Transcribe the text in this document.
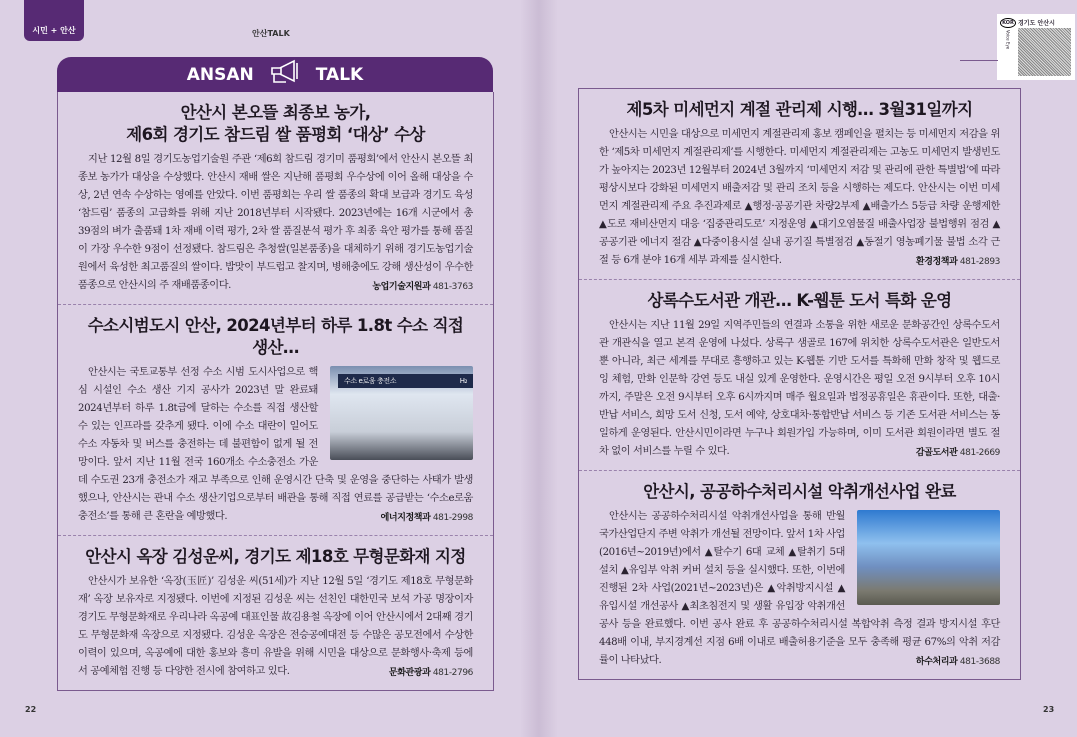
시민 + 안산	안산TALK
ANSAN	TALK
KOR
Voice Eye
경기도 안산시
안산시 본오뜰 최종보 농가,
제6회 경기도 참드림 쌀 품평회 ‘대상’ 수상

지난 12월 8일 경기도농업기술원 주관 ‘제6회 참드림 경기미 품평회’에서 안산시 본오뜰 최종보 농가가 대상을 수상했다. 안산시 재배 쌀은 지난해 품평회 우수상에 이어 올해 대상을 수상, 2년 연속 수상하는 영예를 안았다. 이번 품평회는 우리 쌀 품종의 확대 보급과 경기도 육성 ‘참드림’ 품종의 고급화를 위해 지난 2018년부터 시작됐다. 2023년에는 16개 시군에서 총 39점의 벼가 출품돼 1차 재배 이력 평가, 2차 쌀 품질분석 평가 후 최종 육안 평가를 통해 품질이 가장 우수한 9점이 선정됐다. 참드림은 추청쌀(일본품종)을 대체하기 위해 경기도농업기술원에서 육성한 최고품질의 쌀이다. 밥맛이 부드럽고 찰지며, 병해충에도 강해 생산성이 우수한 품종으로 안산시의 주 재배품종이다.	농업기술지원과 481-3763

수소시범도시 안산, 2024년부터 하루 1.8t 수소 직접 생산…
수소 e로움 충전소	H₂
안산시는 국토교통부 선정 수소 시범 도시사업으로 핵심 시설인 수소 생산 기지 공사가 2023년 말 완료돼 2024년부터 하루 1.8t급에 달하는 수소를 직접 생산할 수 있는 인프라를 갖추게 됐다. 이에 수소 대란이 일어도 수소 자동차 및 버스를 충전하는 데 불편함이 없게 될 전망이다. 앞서 지난 11월 전국 160개소 수소충전소 가운데 수도권 23개 충전소가 재고 부족으로 인해 운영시간 단축 및 운영을 중단하는 사태가 발생했으나, 안산시는 관내 수소 생산기업으로부터 배관을 통해 직접 연료를 공급받는 ‘수소e로움 충전소’를 통해 큰 혼란을 예방했다.	에너지정책과 481-2998
안산시 옥장 김성운씨, 경기도 제18호 무형문화재 지정

안산시가 보유한 ‘옥장(玉匠)’ 김성운 씨(51세)가 지난 12월 5일 ‘경기도 제18호 무형문화재’ 옥장 보유자로 지정됐다. 이번에 지정된 김성운 씨는 선친인 대한민국 보석 가공 명장이자 경기도 무형문화재로 우리나라 옥공예 대표인물 故김용철 옥장에 이어 안산시에서 2대째 경기도 무형문화재 옥장으로 지정됐다. 김성운 옥장은 전승공예대전 등 수많은 공모전에서 수상한 이력이 있으며, 옥공예에 대한 홍보와 흥미 유발을 위해 시민을 대상으로 문화행사·축제 등에서 공예체험 진행 등 다양한 전시에 참여하고 있다.	문화관광과 481-2796

제5차 미세먼지 계절 관리제 시행… 3월31일까지

안산시는 시민을 대상으로 미세먼지 계절관리제 홍보 캠페인을 펼치는 등 미세먼지 저감을 위한 ‘제5차 미세먼지 계절관리제’를 시행한다. 미세먼지 계절관리제는 고농도 미세먼지 발생빈도가 높아지는 2023년 12월부터 2024년 3월까지 ‘미세먼지 저감 및 관리에 관한 특별법’에 따라 평상시보다 강화된 미세먼지 배출저감 및 관리 조치 등을 시행하는 제도다. 안산시는 이번 미세먼지 계절관리제 주요 추진과제로 ▲행정·공공기관 차량2부제 ▲배출가스 5등급 차량 운행제한 ▲도로 재비산먼지 대응 ‘집중관리도로’ 지정운영 ▲대기오염물질 배출사업장 불법행위 점검 ▲공공기관 에너지 절감 ▲다중이용시설 실내 공기질 특별점검 ▲동절기 영농폐기물 불법 소각 근절 등 6개 분야 16개 세부 과제를 실시한다.	환경정책과 481-2893

상록수도서관 개관… K-웹툰 도서 특화 운영

안산시는 지난 11월 29일 지역주민들의 연결과 소통을 위한 새로운 문화공간인 상록수도서관 개관식을 열고 본격 운영에 나섰다. 상록구 샘골로 167에 위치한 상록수도서관은 일반도서뿐 아니라, 최근 세계를 무대로 흥행하고 있는 K-웹툰 기반 도서를 특화해 만화 창작 및 웹드로잉 체험, 만화 인문학 강연 등도 내실 있게 운영한다. 운영시간은 평일 오전 9시부터 오후 10시까지, 주말은 오전 9시부터 오후 6시까지며 매주 월요일과 법정공휴일은 휴관이다. 또한, 대출·반납 서비스, 희망 도서 신청, 도서 예약, 상호대차·통합반납 서비스 등 기존 도서관 서비스는 동일하게 운영된다. 안산시민이라면 누구나 회원가입 가능하며, 이미 도서관 회원이라면 별도 절차 없이 서비스를 누릴 수 있다.	감골도서관 481-2669

안산시, 공공하수처리시설 악취개선사업 완료
안산시는 공공하수처리시설 악취개선사업을 통해 반월국가산업단지 주변 악취가 개선될 전망이다. 앞서 1차 사업(2016년~2019년)에서 ▲탈수기 6대 교체 ▲탈취기 5대 설치 ▲유입부 악취 커버 설치 등을 실시했다. 또한, 이번에 진행된 2차 사업(2021년~2023년)은 ▲악취방지시설 ▲유입시설 개선공사 ▲최초침전지 및 생활 유입장 악취개선공사 등을 완료했다. 이번 공사 완료 후 공공하수처리시설 복합악취 측정 결과 방지시설 후단 448배 이내, 부지경계선 지점 6배 이내로 배출허용기준을 모두 충족해 평균 67%의 악취 저감률이 나타났다.	하수처리과 481-3688
22	23
